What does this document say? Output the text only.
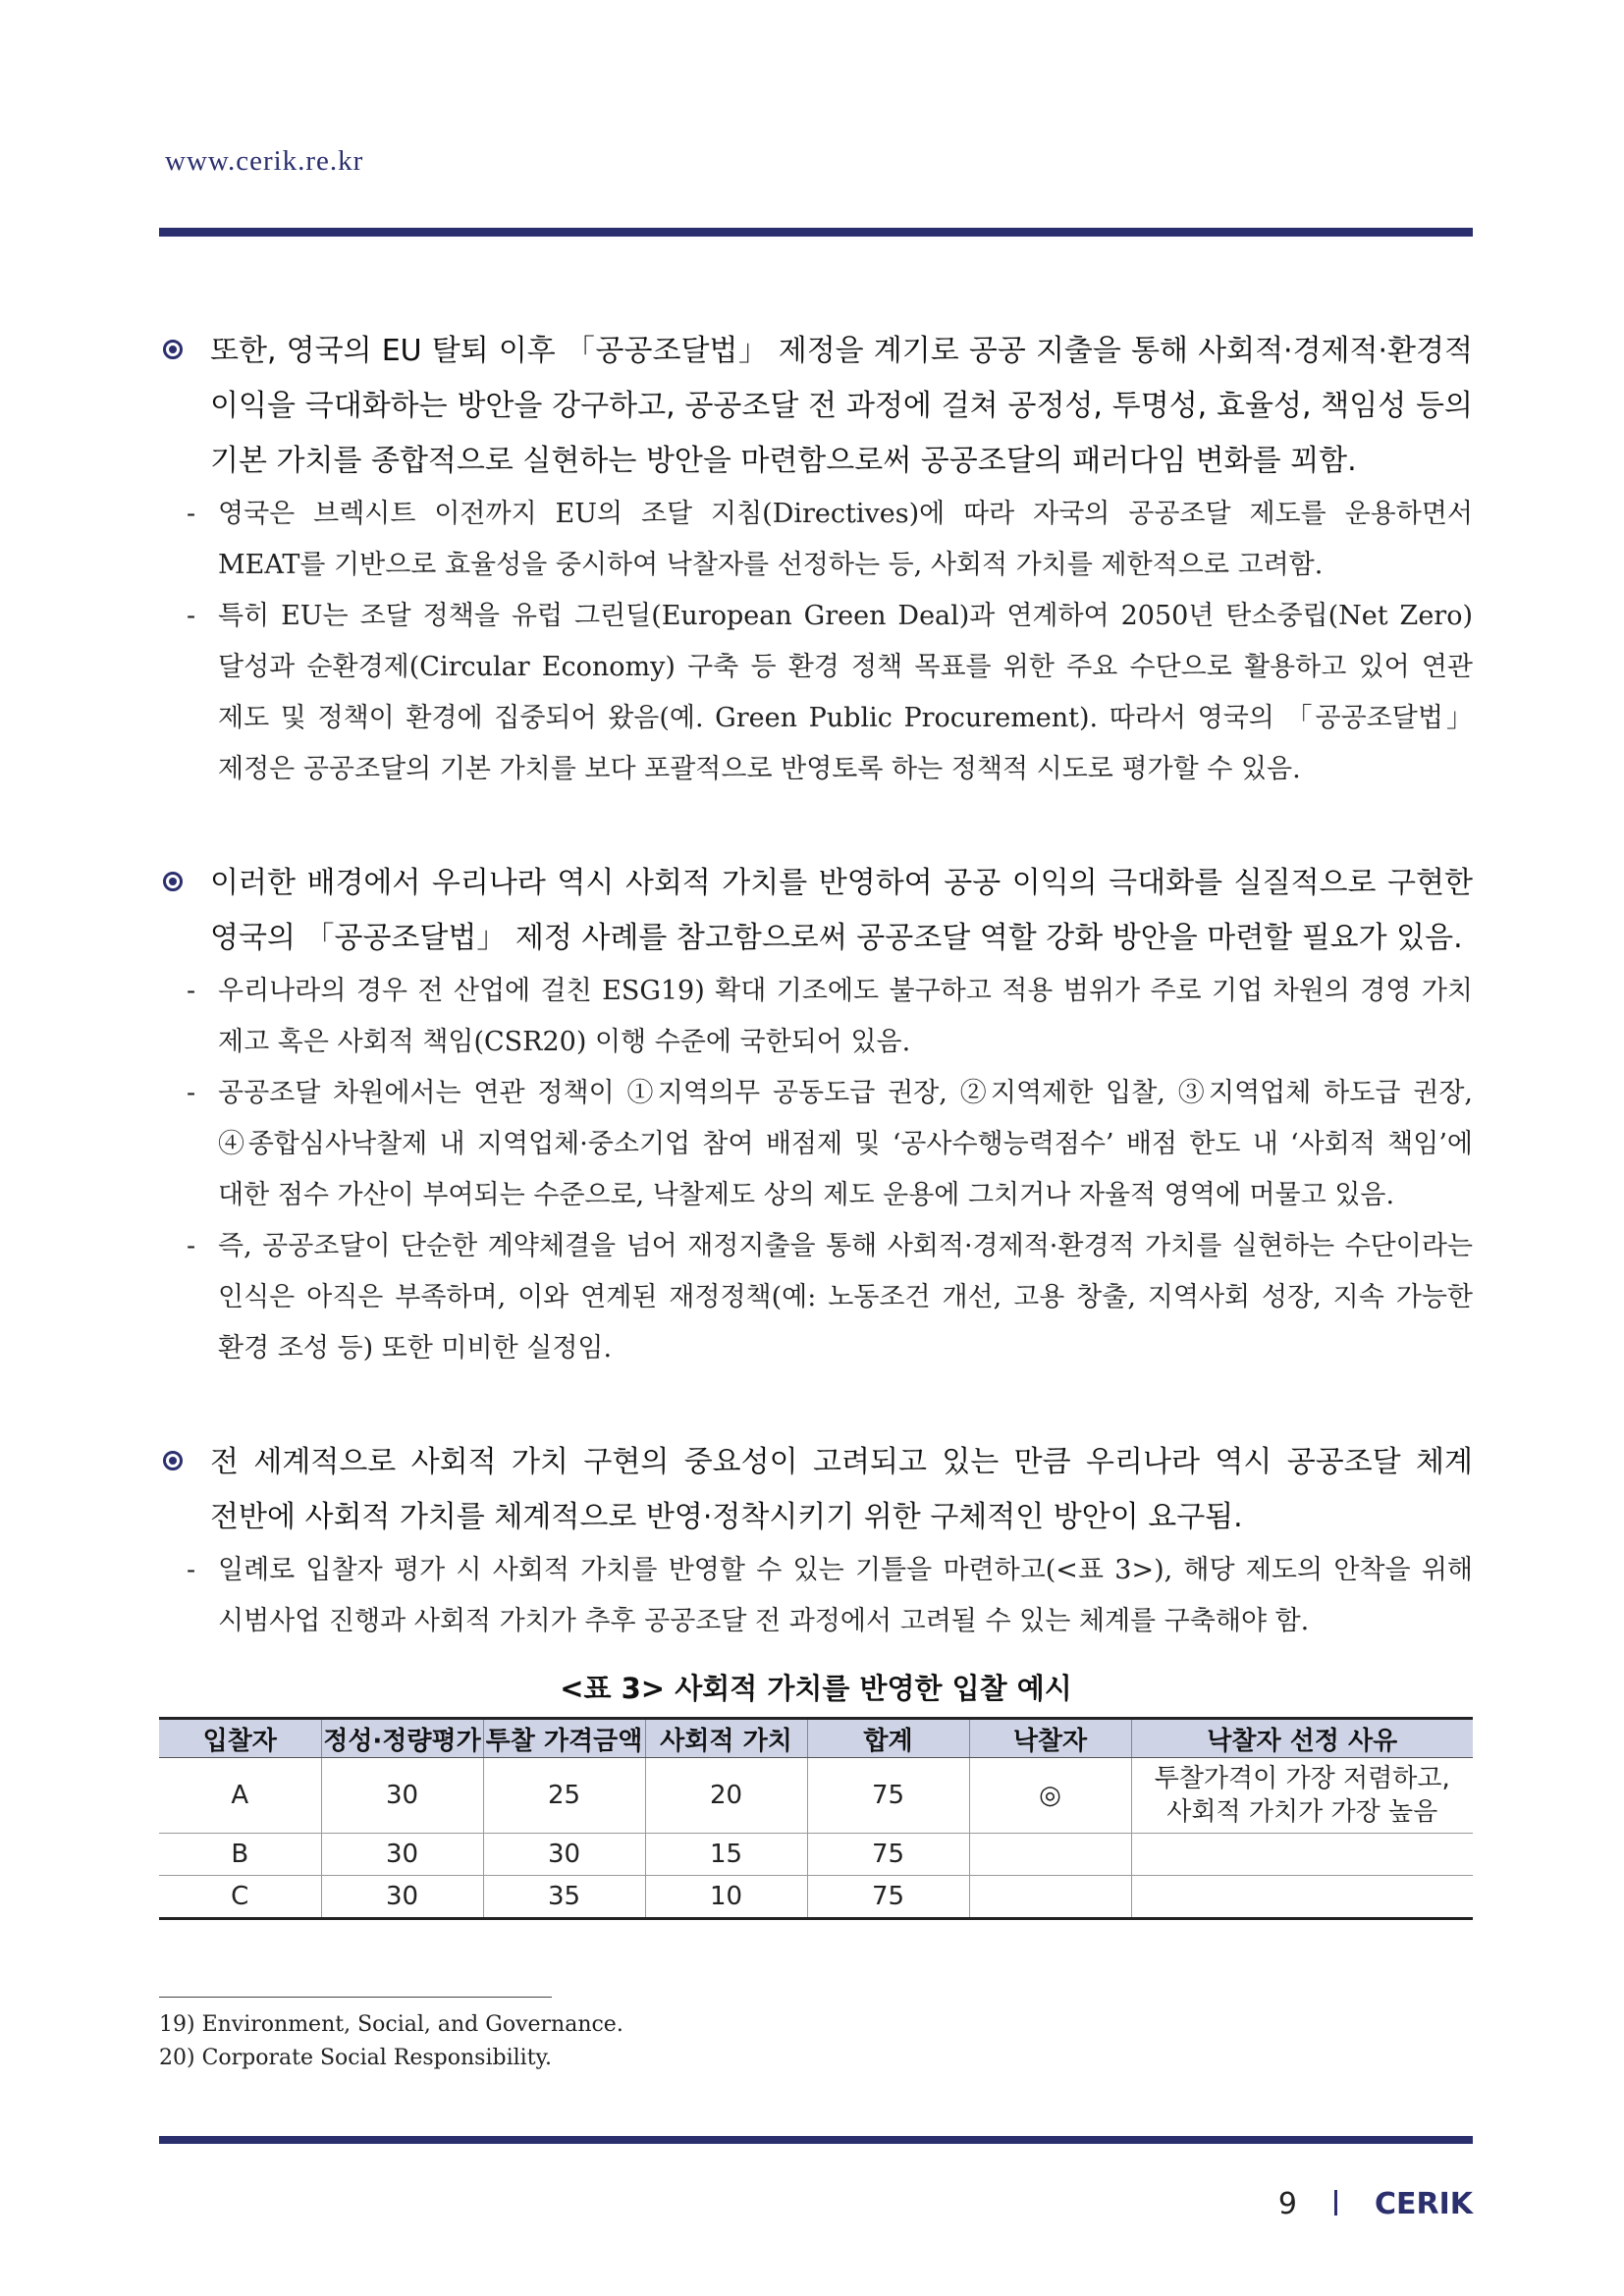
www.cerik.re.kr
또한, 영국의 EU 탈퇴 이후 「공공조달법」 제정을 계기로 공공 지출을 통해 사회적·경제적·환경적 이익을 극대화하는 방안을 강구하고, 공공조달 전 과정에 걸쳐 공정성, 투명성, 효율성, 책임성 등의 기본 가치를 종합적으로 실현하는 방안을 마련함으로써 공공조달의 패러다임 변화를 꾀함.
- 영국은 브렉시트 이전까지 EU의 조달 지침(Directives)에 따라 자국의 공공조달 제도를 운용하면서 MEAT를 기반으로 효율성을 중시하여 낙찰자를 선정하는 등, 사회적 가치를 제한적으로 고려함.
- 특히 EU는 조달 정책을 유럽 그린딜(European Green Deal)과 연계하여 2050년 탄소중립(Net Zero) 달성과 순환경제(Circular Economy) 구축 등 환경 정책 목표를 위한 주요 수단으로 활용하고 있어 연관 제도 및 정책이 환경에 집중되어 왔음(예. Green Public Procurement). 따라서 영국의 「공공조달법」 제정은 공공조달의 기본 가치를 보다 포괄적으로 반영토록 하는 정책적 시도로 평가할 수 있음.
이러한 배경에서 우리나라 역시 사회적 가치를 반영하여 공공 이익의 극대화를 실질적으로 구현한 영국의 「공공조달법」 제정 사례를 참고함으로써 공공조달 역할 강화 방안을 마련할 필요가 있음.
- 우리나라의 경우 전 산업에 걸친 ESG19) 확대 기조에도 불구하고 적용 범위가 주로 기업 차원의 경영 가치 제고 혹은 사회적 책임(CSR20) 이행 수준에 국한되어 있음.
- 공공조달 차원에서는 연관 정책이 ①지역의무 공동도급 권장, ②지역제한 입찰, ③지역업체 하도급 권장, ④종합심사낙찰제 내 지역업체·중소기업 참여 배점제 및 ‘공사수행능력점수’ 배점 한도 내 ‘사회적 책임’에 대한 점수 가산이 부여되는 수준으로, 낙찰제도 상의 제도 운용에 그치거나 자율적 영역에 머물고 있음.
- 즉, 공공조달이 단순한 계약체결을 넘어 재정지출을 통해 사회적·경제적·환경적 가치를 실현하는 수단이라는 인식은 아직은 부족하며, 이와 연계된 재정정책(예: 노동조건 개선, 고용 창출, 지역사회 성장, 지속 가능한 환경 조성 등) 또한 미비한 실정임.
전 세계적으로 사회적 가치 구현의 중요성이 고려되고 있는 만큼 우리나라 역시 공공조달 체계 전반에 사회적 가치를 체계적으로 반영·정착시키기 위한 구체적인 방안이 요구됨.
- 일례로 입찰자 평가 시 사회적 가치를 반영할 수 있는 기틀을 마련하고(<표 3>), 해당 제도의 안착을 위해 시범사업 진행과 사회적 가치가 추후 공공조달 전 과정에서 고려될 수 있는 체계를 구축해야 함.
<표 3> 사회적 가치를 반영한 입찰 예시
입찰자	정성·정량평가	투찰 가격금액	사회적 가치	합계	낙찰자	낙찰자 선정 사유
A	30	25	20	75	◎	투찰가격이 가장 저렴하고,
사회적 가치가 가장 높음
B	30	30	15	75		
C	30	35	10	75		
19) Environment, Social, and Governance.
20) Corporate Social Responsibility.
9	CERIK
